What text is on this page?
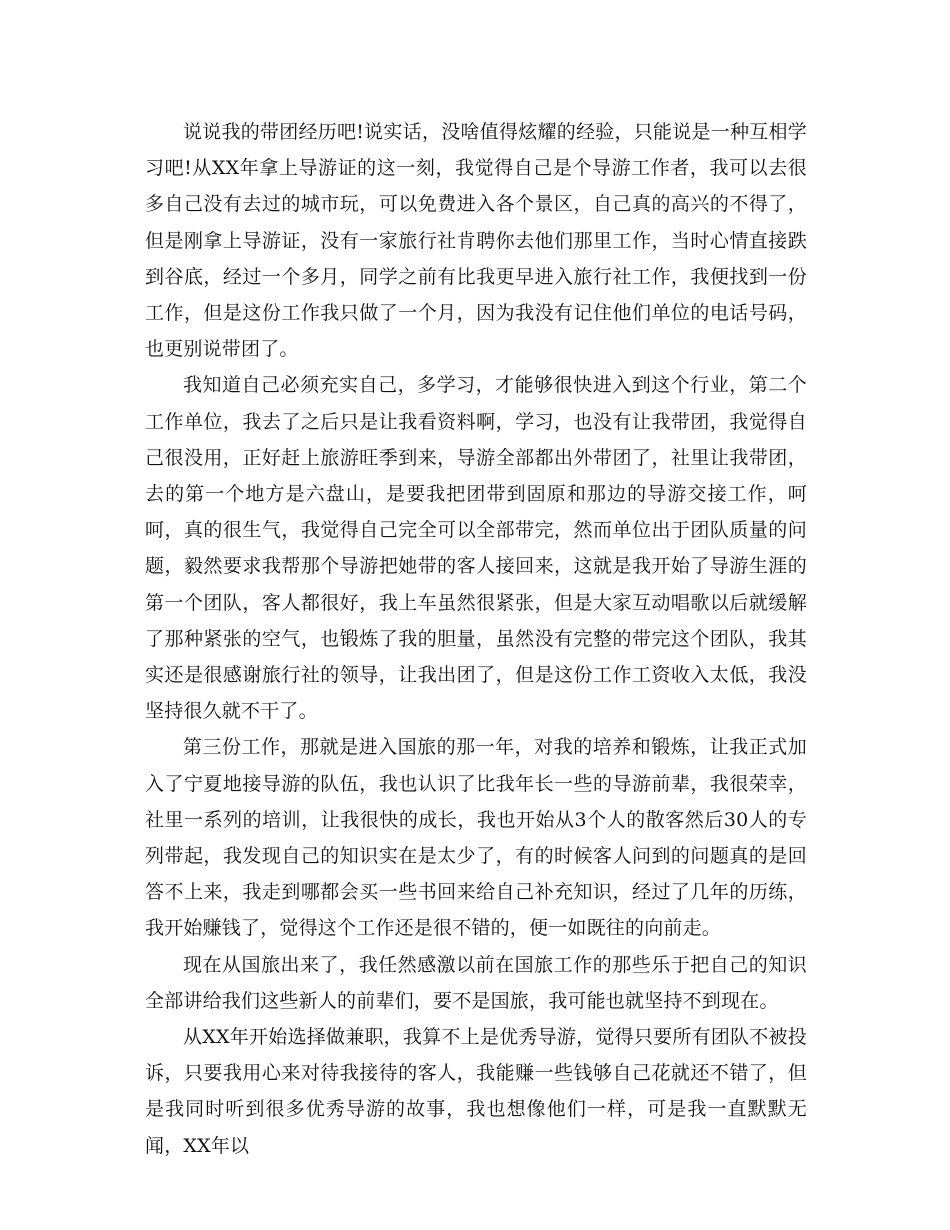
说说我的带团经历吧!说实话，没啥值得炫耀的经验，只能说是一种互相学习吧!从XX年拿上导游证的这一刻，我觉得自己是个导游工作者，我可以去很多自己没有去过的城市玩，可以免费进入各个景区，自己真的高兴的不得了，但是刚拿上导游证，没有一家旅行社肯聘你去他们那里工作，当时心情直接跌到谷底，经过一个多月，同学之前有比我更早进入旅行社工作，我便找到一份工作，但是这份工作我只做了一个月，因为我没有记住他们单位的电话号码，也更别说带团了。

我知道自己必须充实自己，多学习，才能够很快进入到这个行业，第二个工作单位，我去了之后只是让我看资料啊，学习，也没有让我带团，我觉得自己很没用，正好赶上旅游旺季到来，导游全部都出外带团了，社里让我带团，去的第一个地方是六盘山，是要我把团带到固原和那边的导游交接工作，呵呵，真的很生气，我觉得自己完全可以全部带完，然而单位出于团队质量的问题，毅然要求我帮那个导游把她带的客人接回来，这就是我开始了导游生涯的第一个团队，客人都很好，我上车虽然很紧张，但是大家互动唱歌以后就缓解了那种紧张的空气，也锻炼了我的胆量，虽然没有完整的带完这个团队，我其实还是很感谢旅行社的领导，让我出团了，但是这份工作工资收入太低，我没坚持很久就不干了。

第三份工作，那就是进入国旅的那一年，对我的培养和锻炼，让我正式加入了宁夏地接导游的队伍，我也认识了比我年长一些的导游前辈，我很荣幸，社里一系列的培训，让我很快的成长，我也开始从3个人的散客然后30人的专列带起，我发现自己的知识实在是太少了，有的时候客人问到的问题真的是回答不上来，我走到哪都会买一些书回来给自己补充知识，经过了几年的历练，我开始赚钱了，觉得这个工作还是很不错的，便一如既往的向前走。

现在从国旅出来了，我任然感激以前在国旅工作的那些乐于把自己的知识全部讲给我们这些新人的前辈们，要不是国旅，我可能也就坚持不到现在。

从XX年开始选择做兼职，我算不上是优秀导游，觉得只要所有团队不被投诉，只要我用心来对待我接待的客人，我能赚一些钱够自己花就还不错了，但是我同时听到很多优秀导游的故事，我也想像他们一样，可是我一直默默无闻，XX年以
